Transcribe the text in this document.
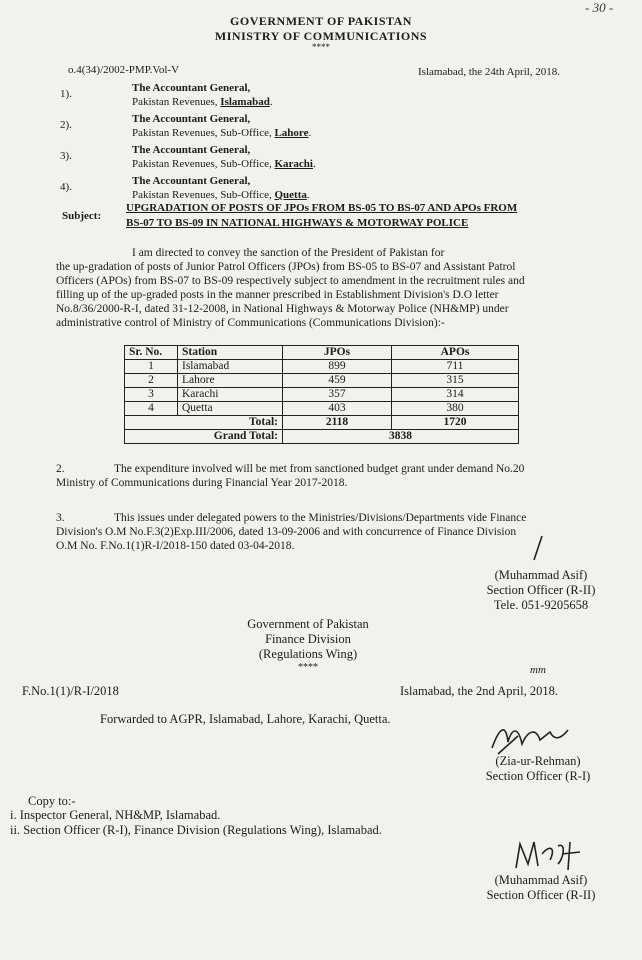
- 30 -
GOVERNMENT OF PAKISTAN
MINISTRY OF COMMUNICATIONS
****
o.4(34)/2002-PMP.Vol-V	Islamabad, the 24th April, 2018.
1).	The Accountant General,
Pakistan Revenues, Islamabad.
2).	The Accountant General,
Pakistan Revenues, Sub-Office, Lahore.
3).	The Accountant General,
Pakistan Revenues, Sub-Office, Karachi.
4).	The Accountant General,
Pakistan Revenues, Sub-Office, Quetta.
Subject:
UPGRADATION OF POSTS OF JPOs FROM BS-05 TO BS-07 AND APOs FROM
BS-07 TO BS-09 IN NATIONAL HIGHWAYS & MOTORWAY POLICE
I am directed to convey the sanction of the President of Pakistan for
the up-gradation of posts of Junior Patrol Officers (JPOs) from BS-05 to BS-07 and Assistant Patrol
Officers (APOs) from BS-07 to BS-09 respectively subject to amendment in the recruitment rules and
filling up of the up-graded posts in the manner prescribed in Establishment Division's D.O letter
No.8/36/2000-R-I, dated 31-12-2008, in National Highways & Motorway Police (NH&MP) under
administrative control of Ministry of Communications (Communications Division):-
Sr. No.	Station	JPOs	APOs
1	Islamabad	899	711
2	Lahore	459	315
3	Karachi	357	314
4	Quetta	403	380
Total:		2118	1720
Grand Total:		3838	
2.	The expenditure involved will be met from sanctioned budget grant under demand No.20
Ministry of Communications during Financial Year 2017-2018.
3.	This issues under delegated powers to the Ministries/Divisions/Departments vide Finance
Division's O.M No.F.3(2)Exp.III/2006, dated 13-09-2006 and with concurrence of Finance Division
O.M No. F.No.1(1)R-I/2018-150 dated 03-04-2018.
(Muhammad Asif)
Section Officer (R-II)
Tele. 051-9205658
Government of Pakistan
Finance Division
(Regulations Wing)
****
F.No.1(1)/R-I/2018
mm
Islamabad, the 2nd April, 2018.
Forwarded to AGPR, Islamabad, Lahore, Karachi, Quetta.
(Zia-ur-Rehman)
Section Officer (R-I)
Copy to:-
i. Inspector General, NH&MP, Islamabad.
ii. Section Officer (R-I), Finance Division (Regulations Wing), Islamabad.
(Muhammad Asif)
Section Officer (R-II)
